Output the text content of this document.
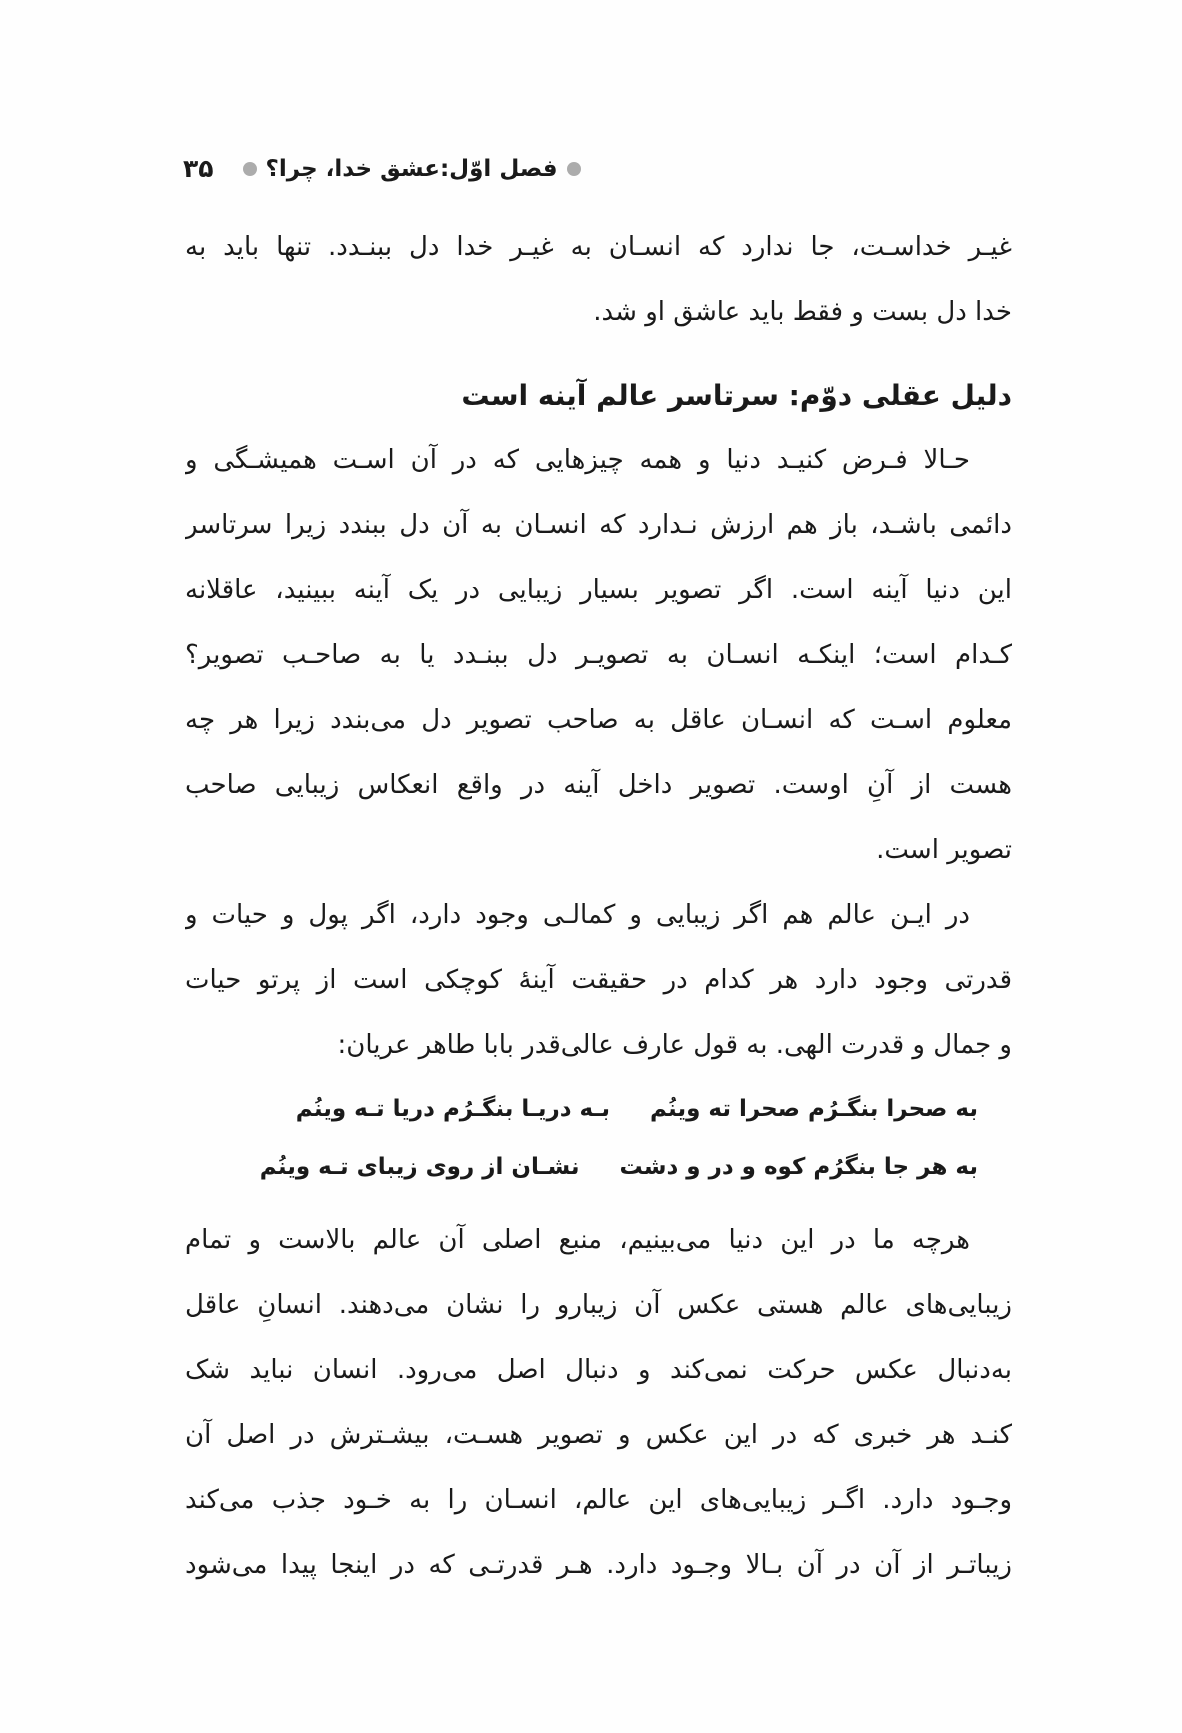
فصل اوّل:عشق خدا، چرا؟
۳۵
غیـر خداسـت، جا ندارد که انسـان به غیـر خدا دل ببنـدد. تنها باید به
خدا دل بست و فقط باید عاشق او شد.
دلیل عقلی دوّم: سرتاسر عالم آینه است
حـالا فـرض کنیـد دنیا و همه چیزهایی که در آن اسـت همیشـگی و
دائمی باشـد، باز هم ارزش نـدارد که انسـان به آن دل ببندد زیرا سرتاسر
این دنیا آینه است. اگر تصویر بسیار زیبایی در یک آینه ببینید، عاقلانه
کـدام است؛ اینکـه انسـان به تصویـر دل ببنـدد یا به صاحـب تصویر؟
معلوم اسـت که انسـان عاقل به صاحب تصویر دل می‌بندد زیرا هر چه
هست از آنِ اوست. تصویر داخل آینه در واقع انعکاس زیبایی صاحب
تصویر است.
در ایـن عالم هم اگر زیبایی و کمالـی وجود دارد، اگر پول و حیات و
قدرتی وجود دارد هر کدام در حقیقت آینهٔ کوچکی است از پرتو حیات
و جمال و قدرت الهی. به قول عارف عالی‌قدر بابا طاهر عریان:
به صحرا بنگـرُم صحرا ته وینُم
بـه دریـا بنگـرُم دریا تـه وینُم
به هر جا بنگرُم کوه و در و دشت
نشـان از روی زیبای تـه وینُم
هرچه ما در این دنیا می‌بینیم، منبع اصلی آن عالم بالاست و تمام
زیبایی‌های عالم هستی عکس آن زیبارو را نشان می‌دهند. انسانِ عاقل
به‌دنبال عکس حرکت نمی‌کند و دنبال اصل می‌رود. انسان نباید شک
کنـد هر خبری که در این عکس و تصویر هسـت، بیشـترش در اصل آن
وجـود دارد. اگـر زیبایی‌های این عالم، انسـان را به خـود جذب می‌کند
زیباتـر از آن در آن بـالا وجـود دارد. هـر قدرتـی که در اینجا پیدا می‌شود
